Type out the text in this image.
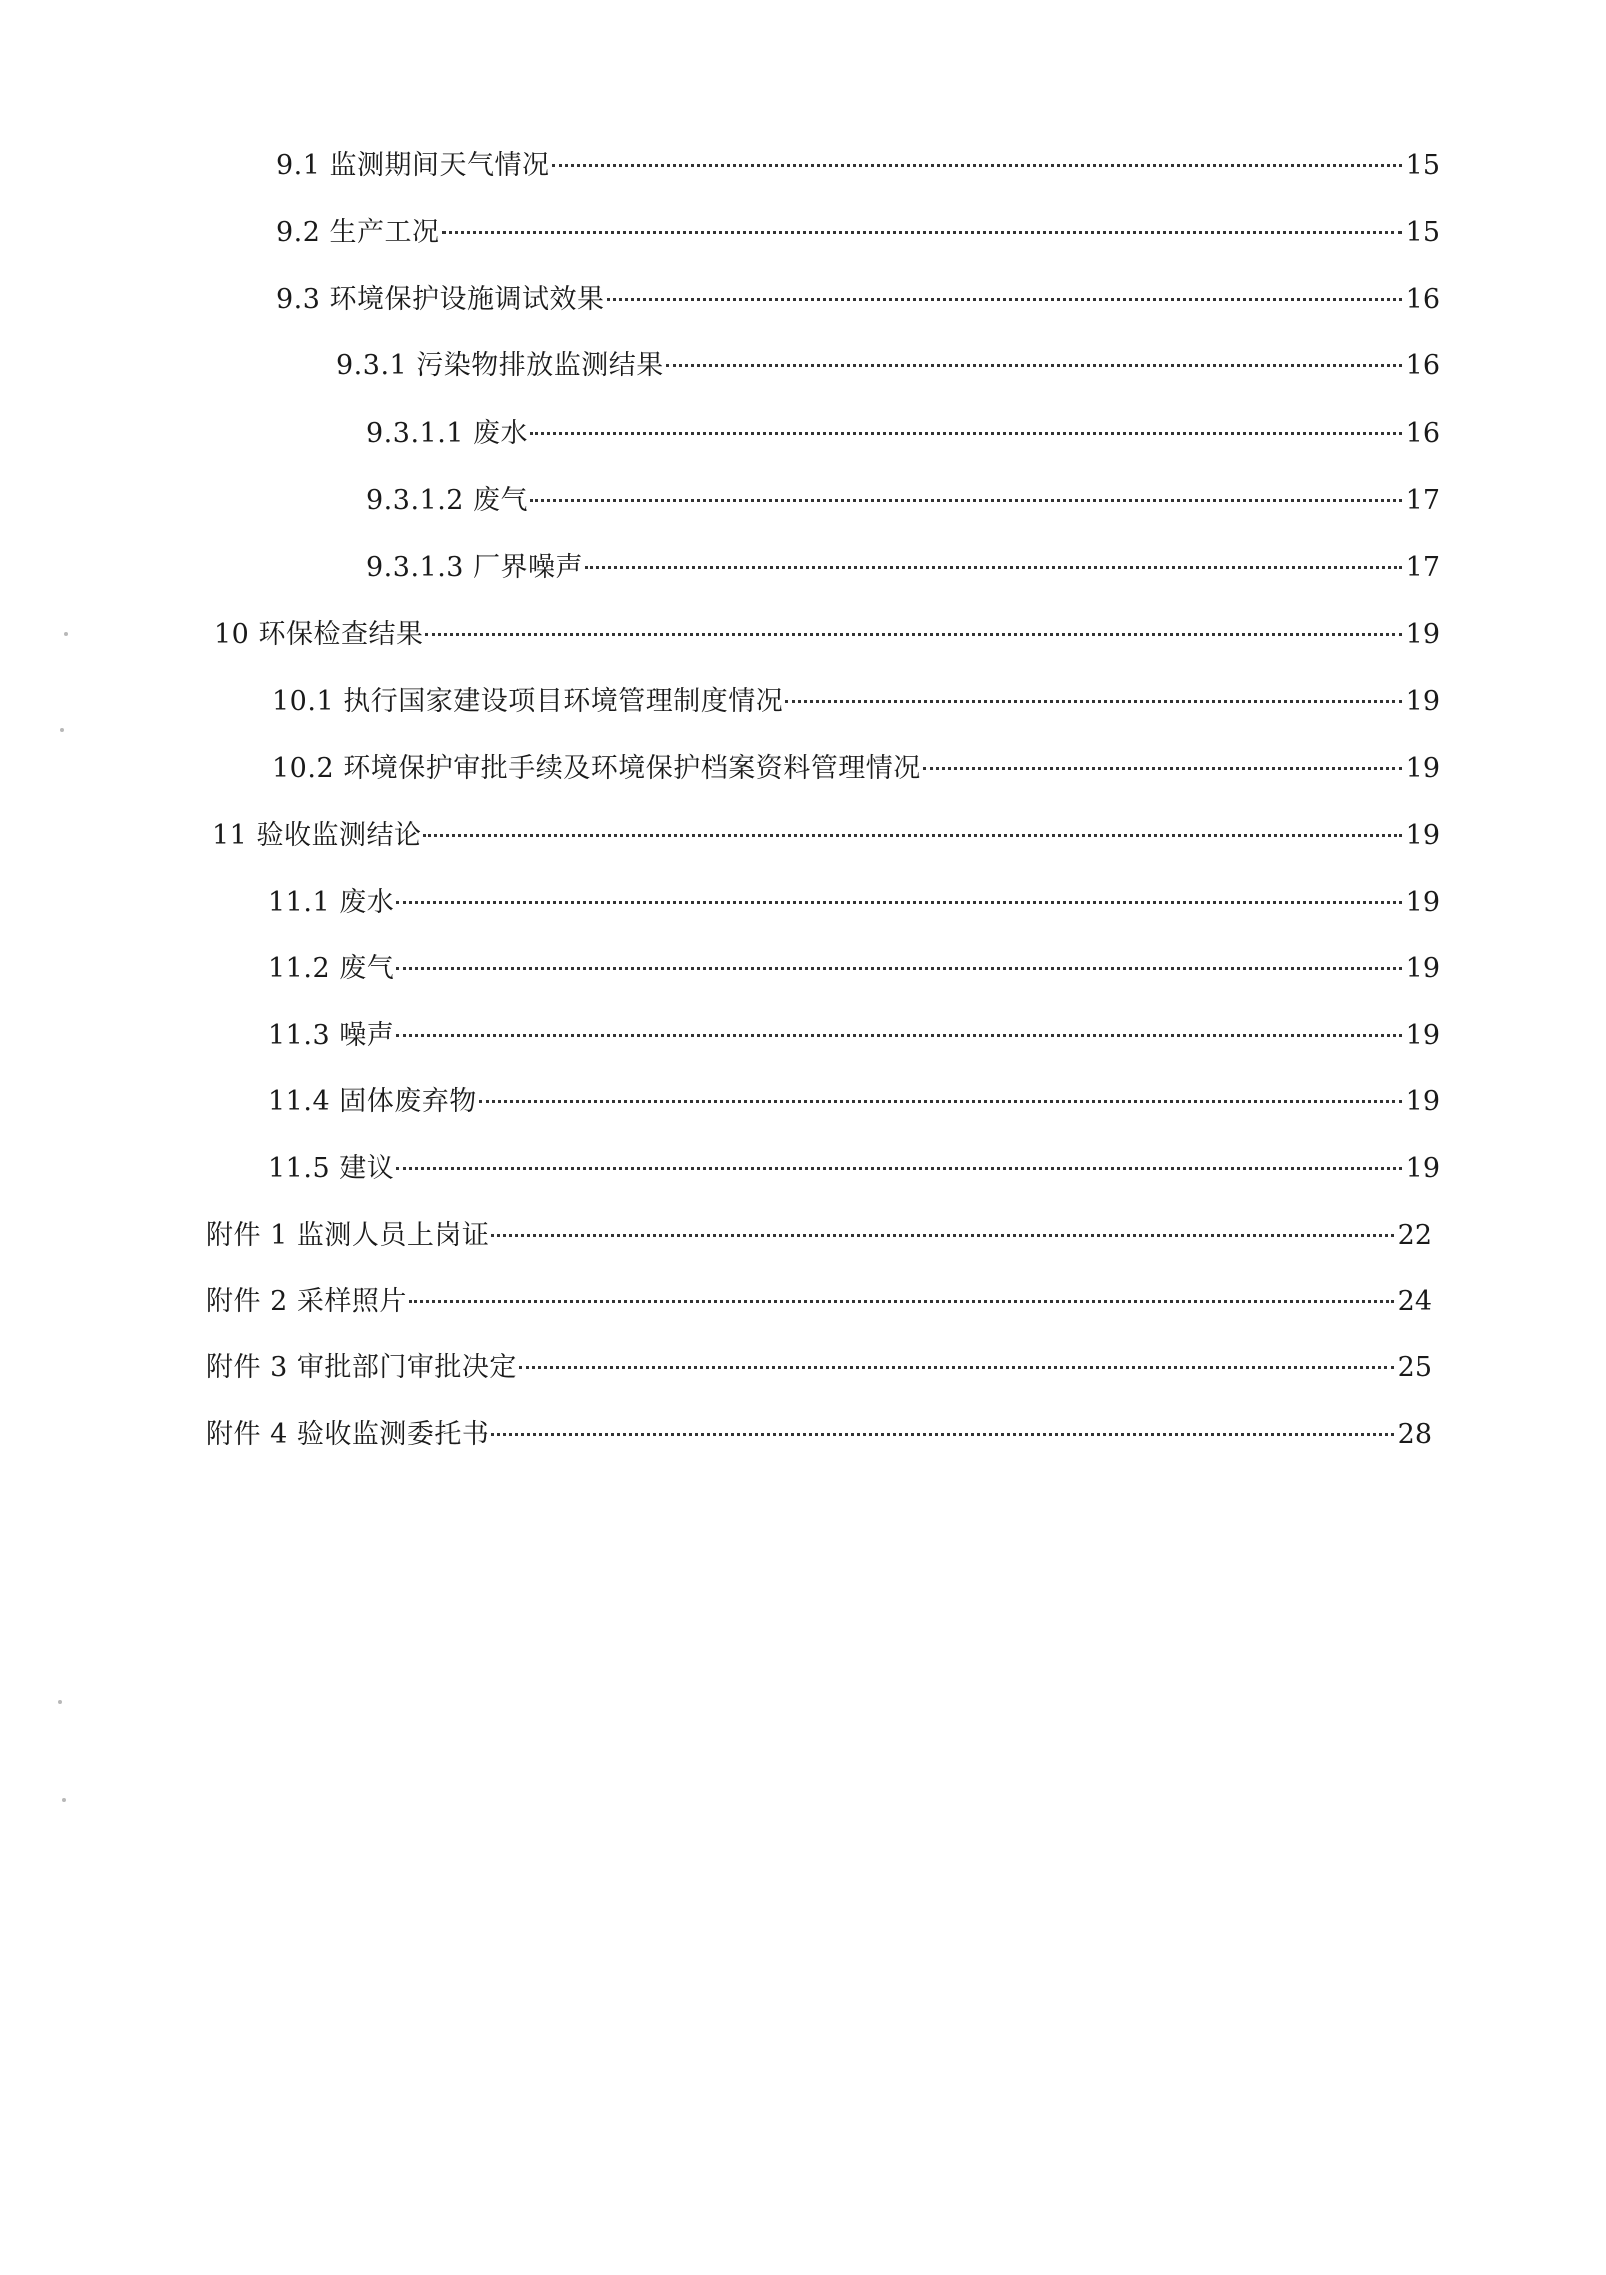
9.1 监测期间天气情况	15
9.2 生产工况	15
9.3 环境保护设施调试效果	16
9.3.1 污染物排放监测结果	16
9.3.1.1 废水	16
9.3.1.2 废气	17
9.3.1.3 厂界噪声	17
10 环保检查结果	19
10.1 执行国家建设项目环境管理制度情况	19
10.2 环境保护审批手续及环境保护档案资料管理情况	19
11 验收监测结论	19
11.1 废水	19
11.2 废气	19
11.3 噪声	19
11.4 固体废弃物	19
11.5 建议	19
附件 1 监测人员上岗证	22
附件 2 采样照片	24
附件 3 审批部门审批决定	25
附件 4 验收监测委托书	28
